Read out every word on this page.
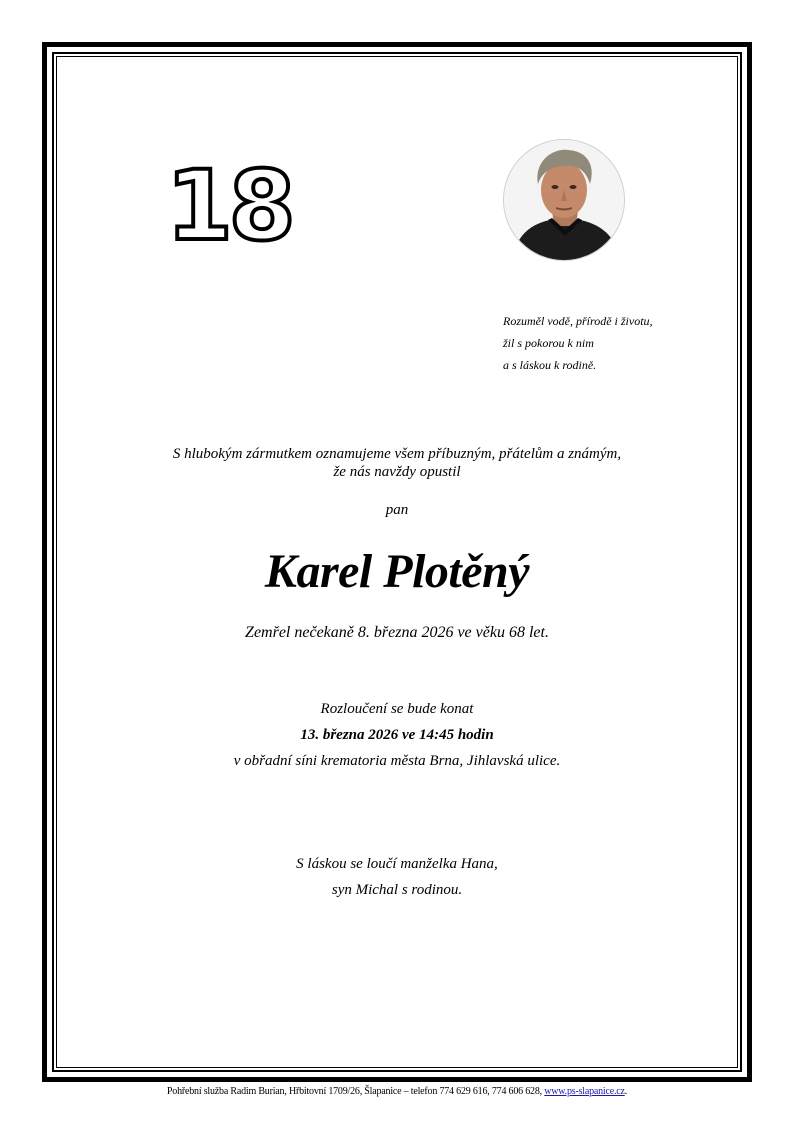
18
Rozuměl vodě, přírodě i životu,
žil s pokorou k nim
a s láskou k rodině.
S hlubokým zármutkem oznamujeme všem příbuzným, přátelům a známým,
že nás navždy opustil
pan
Karel Plotěný
Zemřel nečekaně 8. března 2026 ve věku 68 let.
Rozloučení se bude konat
13. března 2026 ve 14:45 hodin
v obřadní síni krematoria města Brna, Jihlavská ulice.
S láskou se loučí manželka Hana,
syn Michal s rodinou.
Pohřební služba Radim Burian, Hřbitovní 1709/26, Šlapanice – telefon 774 629 616, 774 606 628, www.ps-slapanice.cz.
